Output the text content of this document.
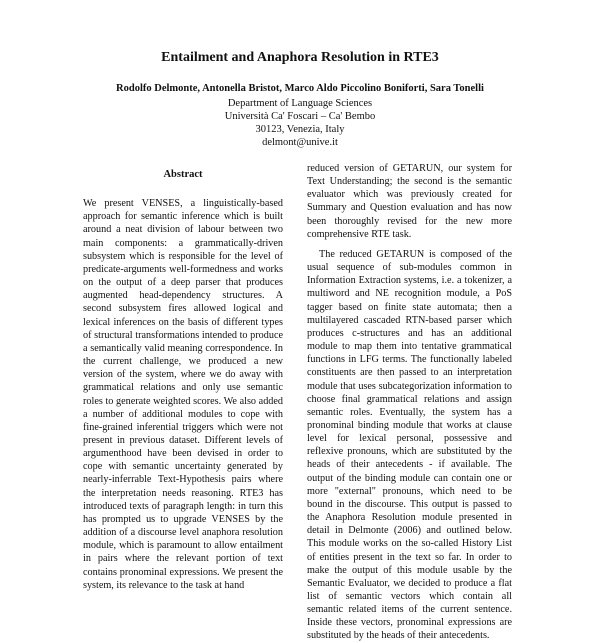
Entailment and Anaphora Resolution in RTE3
Rodolfo Delmonte, Antonella Bristot, Marco Aldo Piccolino Boniforti, Sara Tonelli
Department of Language Sciences
Università Ca' Foscari – Ca' Bembo
30123, Venezia, Italy
delmont@unive.it
Abstract

We present VENSES, a linguistically-based approach for semantic inference which is built around a neat division of labour between two main components: a grammatically-driven subsystem which is responsible for the level of predicate-arguments well-formedness and works on the output of a deep parser that produces augmented head-dependency structures. A second subsystem fires allowed logical and lexical inferences on the basis of different types of structural transformations intended to produce a semantically valid meaning correspondence. In the current challenge, we produced a new version of the system, where we do away with grammatical relations and only use semantic roles to generate weighted scores. We also added a number of additional modules to cope with fine-grained inferential triggers which were not present in previous dataset. Different levels of argumenthood have been devised in order to cope with semantic uncertainty generated by nearly-inferrable Text-Hypothesis pairs where the interpretation needs reasoning. RTE3 has introduced texts of paragraph length: in turn this has prompted us to upgrade VENSES by the addition of a discourse level anaphora resolution module, which is paramount to allow entailment in pairs where the relevant portion of text contains pronominal expressions. We present the system, its relevance to the task at hand

reduced version of GETARUN, our system for Text Understanding; the second is the semantic evaluator which was previously created for Summary and Question evaluation and has now been thoroughly revised for the new more comprehensive RTE task.

The reduced GETARUN is composed of the usual sequence of sub-modules common in Information Extraction systems, i.e. a tokenizer, a multiword and NE recognition module, a PoS tagger based on finite state automata; then a multilayered cascaded RTN-based parser which produces c-structures and has an additional module to map them into tentative grammatical functions in LFG terms. The functionally labeled constituents are then passed to an interpretation module that uses subcategorization information to choose final grammatical relations and assign semantic roles. Eventually, the system has a pronominal binding module that works at clause level for lexical personal, possessive and reflexive pronouns, which are substituted by the heads of their antecedents - if available. The output of the binding module can contain one or more "external" pronouns, which need to be bound in the discourse. This output is passed to the Anaphora Resolution module presented in detail in Delmonte (2006) and outlined below. This module works on the so-called History List of entities present in the text so far. In order to make the output of this module usable by the Semantic Evaluator, we decided to produce a flat list of semantic vectors which contain all semantic related items of the current sentence. Inside these vectors, pronominal expressions are substituted by the heads of their antecedents.
